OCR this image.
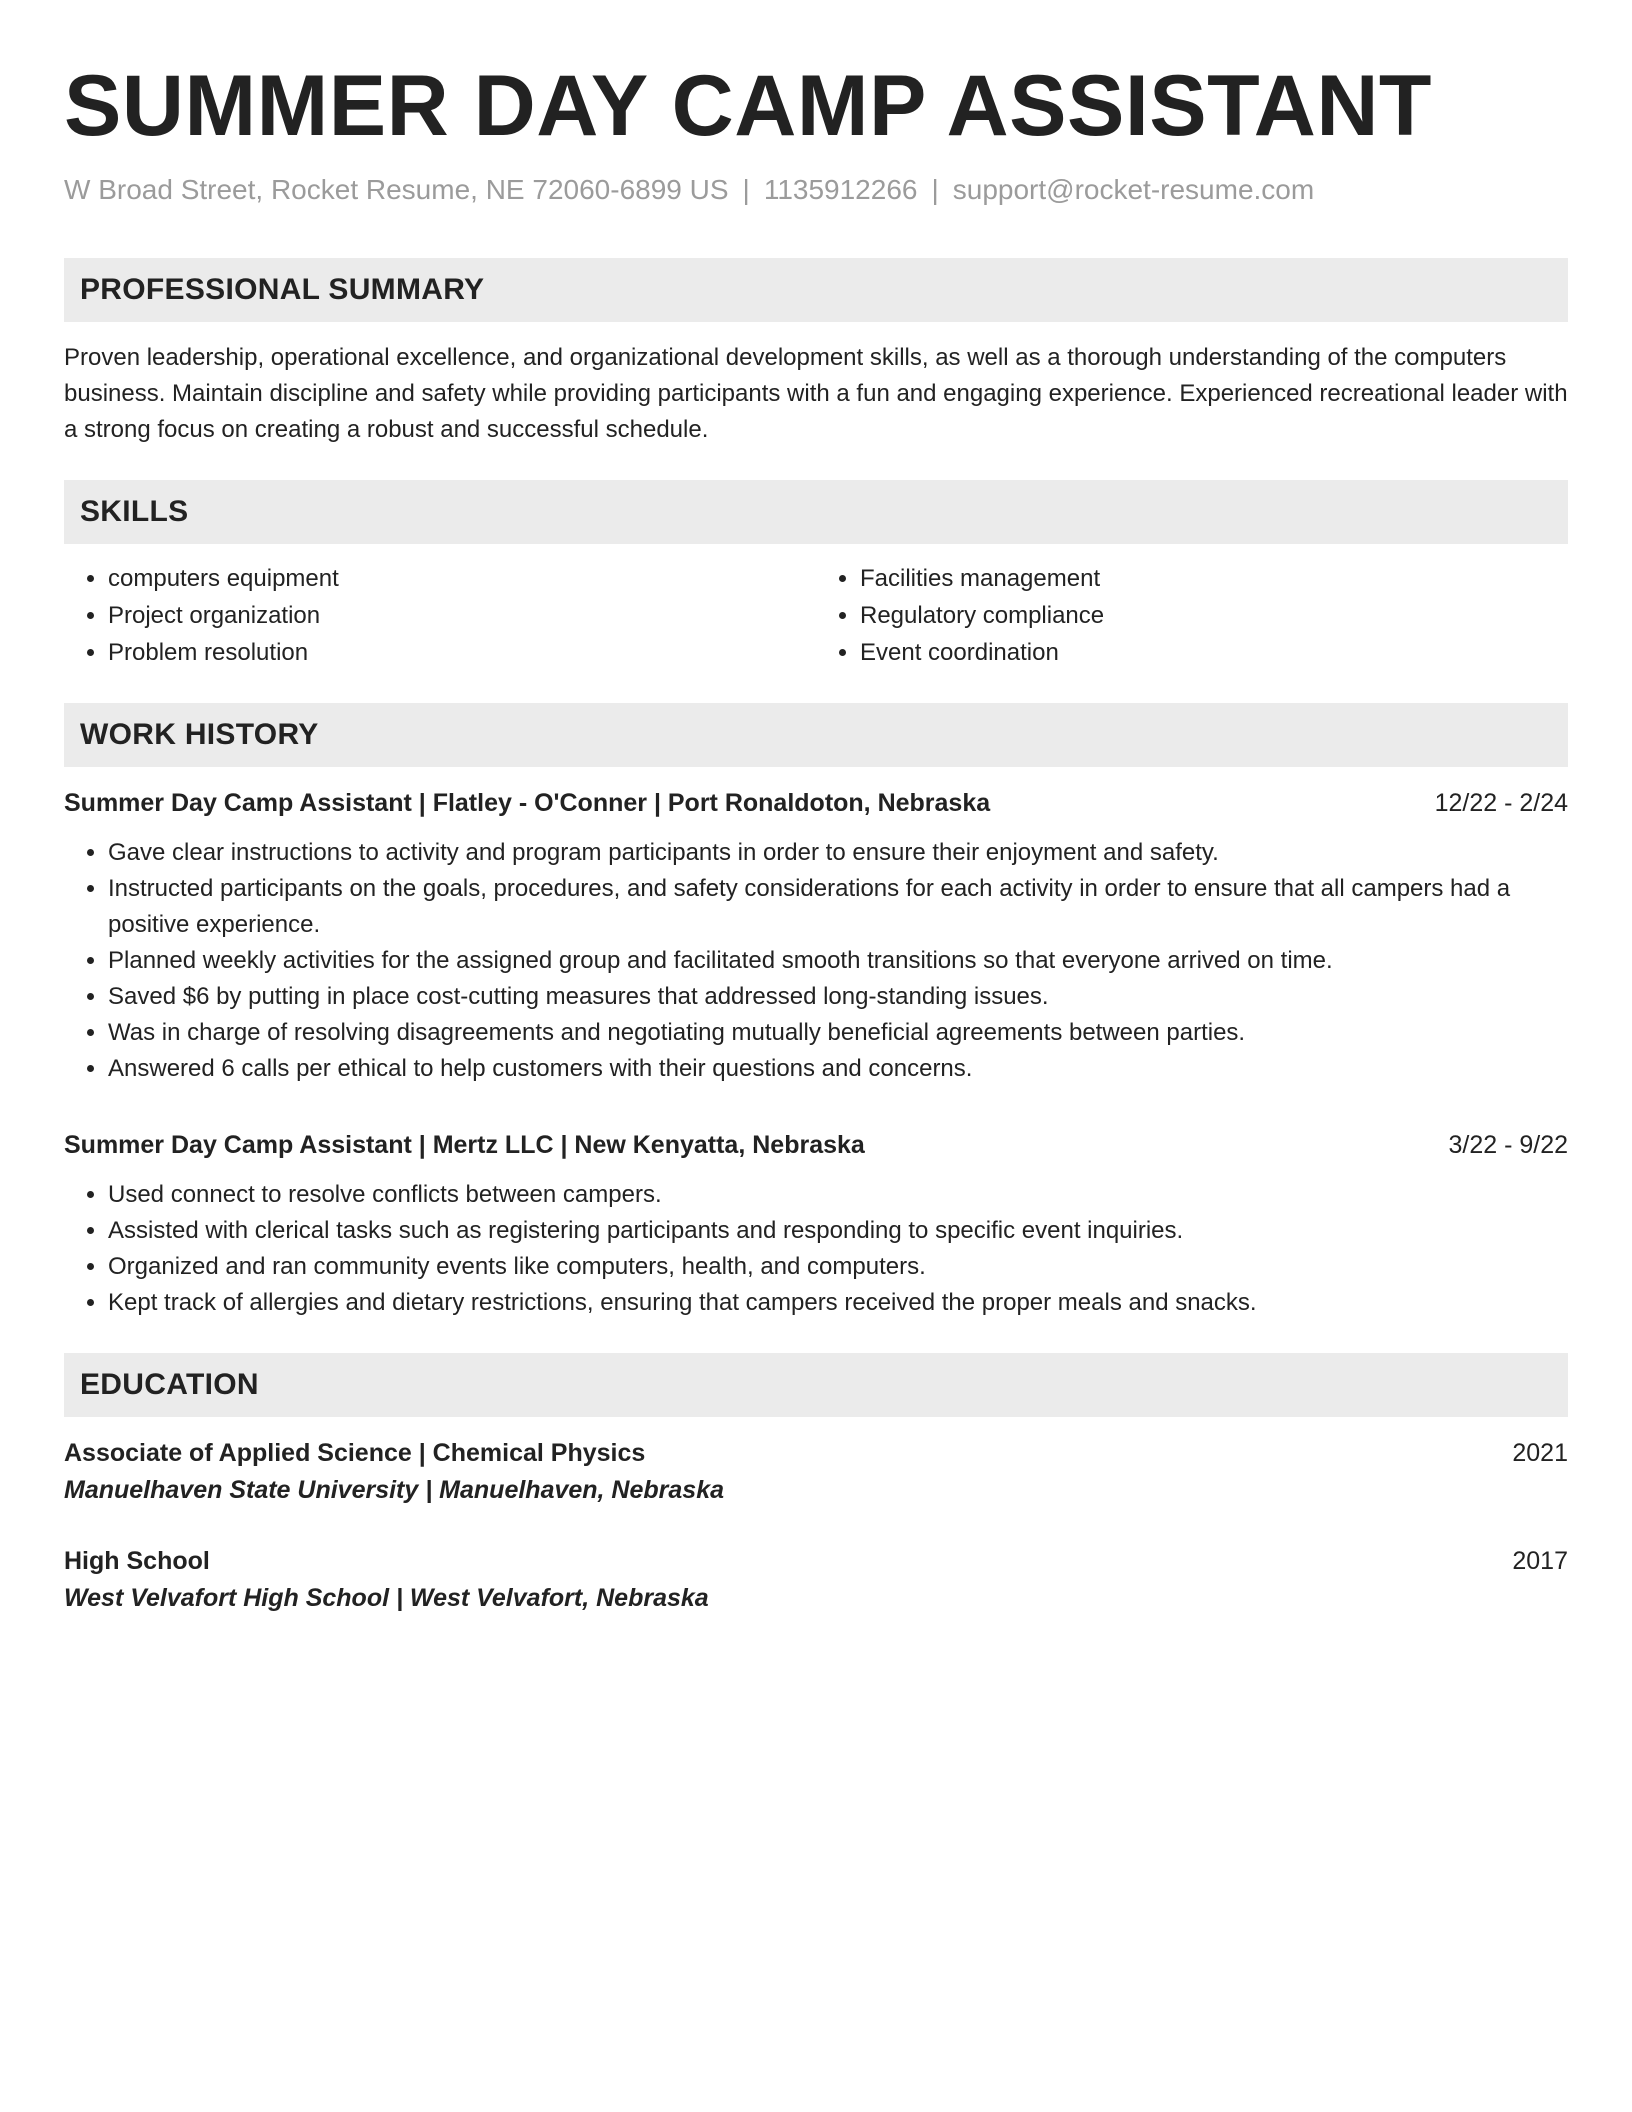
SUMMER DAY CAMP ASSISTANT
W Broad Street, Rocket Resume, NE 72060-6899 US | 1135912266 | support@rocket-resume.com
PROFESSIONAL SUMMARY

Proven leadership, operational excellence, and organizational development skills, as well as a thorough understanding of the computers business. Maintain discipline and safety while providing participants with a fun and engaging experience. Experienced recreational leader with a strong focus on creating a robust and successful schedule.

SKILLS
• computers equipment
• Project organization
• Problem resolution
• Facilities management
• Regulatory compliance
• Event coordination
WORK HISTORY
Summer Day Camp Assistant | Flatley - O'Conner | Port Ronaldoton, Nebraska	12/22 - 2/24
• Gave clear instructions to activity and program participants in order to ensure their enjoyment and safety.
• Instructed participants on the goals, procedures, and safety considerations for each activity in order to ensure that all campers had a positive experience.
• Planned weekly activities for the assigned group and facilitated smooth transitions so that everyone arrived on time.
• Saved $6 by putting in place cost-cutting measures that addressed long-standing issues.
• Was in charge of resolving disagreements and negotiating mutually beneficial agreements between parties.
• Answered 6 calls per ethical to help customers with their questions and concerns.
Summer Day Camp Assistant | Mertz LLC | New Kenyatta, Nebraska	3/22 - 9/22
• Used connect to resolve conflicts between campers.
• Assisted with clerical tasks such as registering participants and responding to specific event inquiries.
• Organized and ran community events like computers, health, and computers.
• Kept track of allergies and dietary restrictions, ensuring that campers received the proper meals and snacks.
EDUCATION
Associate of Applied Science | Chemical Physics	2021
Manuelhaven State University | Manuelhaven, Nebraska
High School	2017
West Velvafort High School | West Velvafort, Nebraska
